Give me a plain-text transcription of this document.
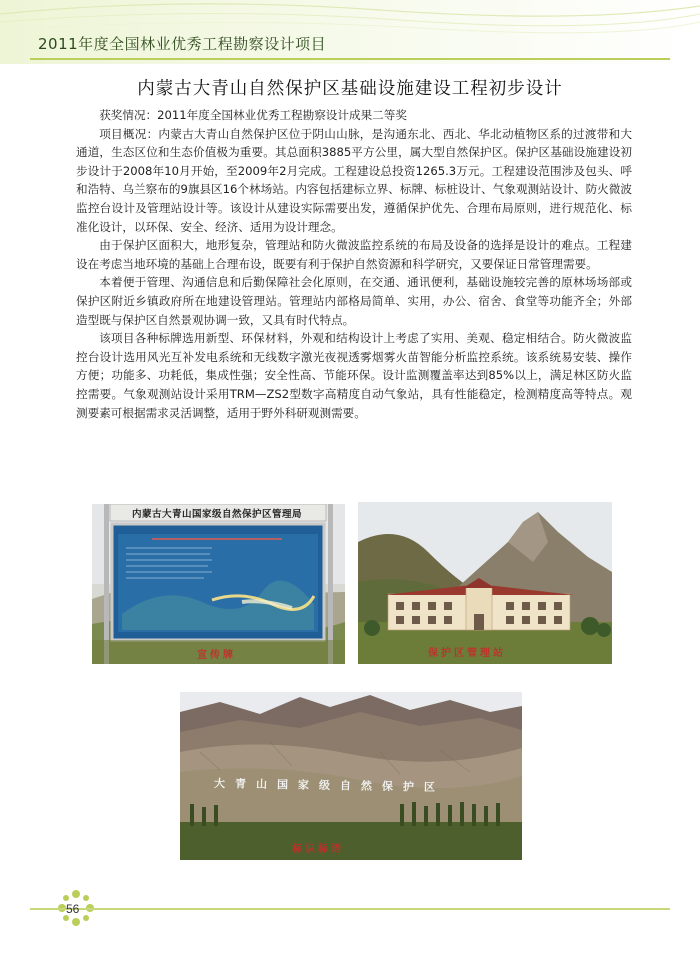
2011年度全国林业优秀工程勘察设计项目
内蒙古大青山自然保护区基础设施建设工程初步设计

获奖情况：2011年度全国林业优秀工程勘察设计成果二等奖

项目概况：内蒙古大青山自然保护区位于阴山山脉，是沟通东北、西北、华北动植物区系的过渡带和大通道，生态区位和生态价值极为重要。其总面积3885平方公里，属大型自然保护区。保护区基础设施建设初步设计于2008年10月开始，至2009年2月完成。工程建设总投资1265.3万元。工程建设范围涉及包头、呼和浩特、乌兰察布的9旗县区16个林场站。内容包括建标立界、标牌、标桩设计、气象观测站设计、防火微波监控台设计及管理站设计等。该设计从建设实际需要出发，遵循保护优先、合理布局原则，进行规范化、标准化设计，以环保、安全、经济、适用为设计理念。

由于保护区面积大，地形复杂，管理站和防火微波监控系统的布局及设备的选择是设计的难点。工程建设在考虑当地环境的基础上合理布设，既要有利于保护自然资源和科学研究，又要保证日常管理需要。

本着便于管理、沟通信息和后勤保障社会化原则，在交通、通讯便利，基础设施较完善的原林场场部或保护区附近乡镇政府所在地建设管理站。管理站内部格局简单、实用，办公、宿舍、食堂等功能齐全；外部造型既与保护区自然景观协调一致，又具有时代特点。

该项目各种标牌选用新型、环保材料，外观和结构设计上考虑了实用、美观、稳定相结合。防火微波监控台设计选用风光互补发电系统和无线数字激光夜视透雾烟雾火苗智能分析监控系统。该系统易安装、操作方便；功能多、功耗低，集成性强；安全性高、节能环保。设计监测覆盖率达到85%以上，满足林区防火监控需要。气象观测站设计采用TRM—ZS2型数字高精度自动气象站，具有性能稳定，检测精度高等特点。观测要素可根据需求灵活调整，适用于野外科研观测需要。

内蒙古大青山国家级自然保护区管理局
宣传牌	保护区管理站
大青山国家级自然保护区
标识标语
56
